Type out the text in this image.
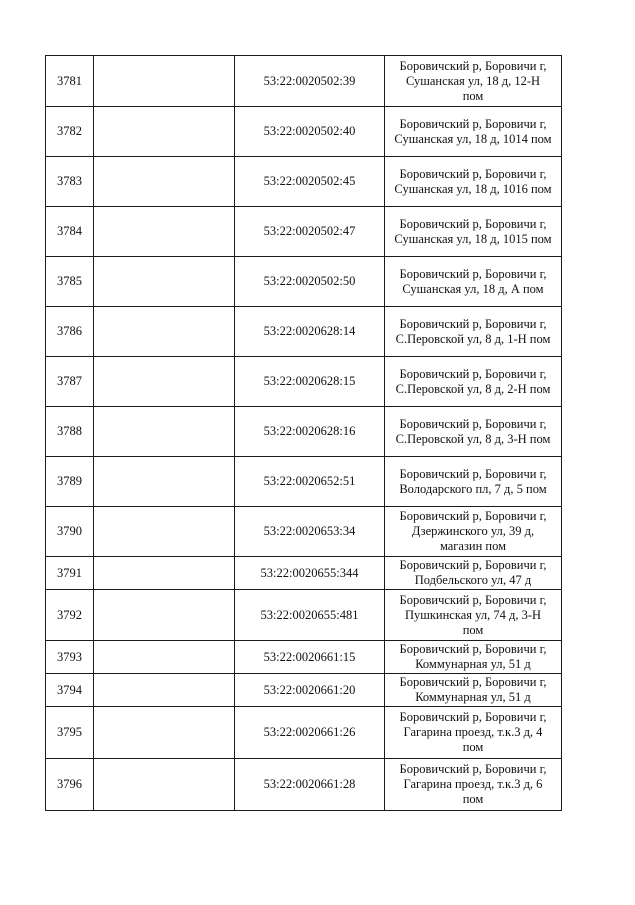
3781		53:22:0020502:39	Боровичский р, Боровичи г,
Сушанская ул, 18 д, 12-Н
пом

3782		53:22:0020502:40	Боровичский р, Боровичи г,
Сушанская ул, 18 д, 1014 пом

3783		53:22:0020502:45	Боровичский р, Боровичи г,
Сушанская ул, 18 д, 1016 пом

3784		53:22:0020502:47	Боровичский р, Боровичи г,
Сушанская ул, 18 д, 1015 пом

3785		53:22:0020502:50	Боровичский р, Боровичи г,
Сушанская ул, 18 д, А пом

3786		53:22:0020628:14	Боровичский р, Боровичи г,
С.Перовской ул, 8 д, 1-Н пом

3787		53:22:0020628:15	Боровичский р, Боровичи г,
С.Перовской ул, 8 д, 2-Н пом

3788		53:22:0020628:16	Боровичский р, Боровичи г,
С.Перовской ул, 8 д, 3-Н пом

3789		53:22:0020652:51	Боровичский р, Боровичи г,
Володарского пл, 7 д, 5 пом

3790		53:22:0020653:34	Боровичский р, Боровичи г,
Дзержинского ул, 39 д,
магазин пом

3791		53:22:0020655:344	Боровичский р, Боровичи г,
Подбельского ул, 47 д

3792		53:22:0020655:481	Боровичский р, Боровичи г,
Пушкинская ул, 74 д, 3-Н
пом

3793		53:22:0020661:15	Боровичский р, Боровичи г,
Коммунарная ул, 51 д

3794		53:22:0020661:20	Боровичский р, Боровичи г,
Коммунарная ул, 51 д

3795		53:22:0020661:26	Боровичский р, Боровичи г,
Гагарина проезд, т.к.3 д, 4
пом

3796		53:22:0020661:28	Боровичский р, Боровичи г,
Гагарина проезд, т.к.3 д, 6
пом
